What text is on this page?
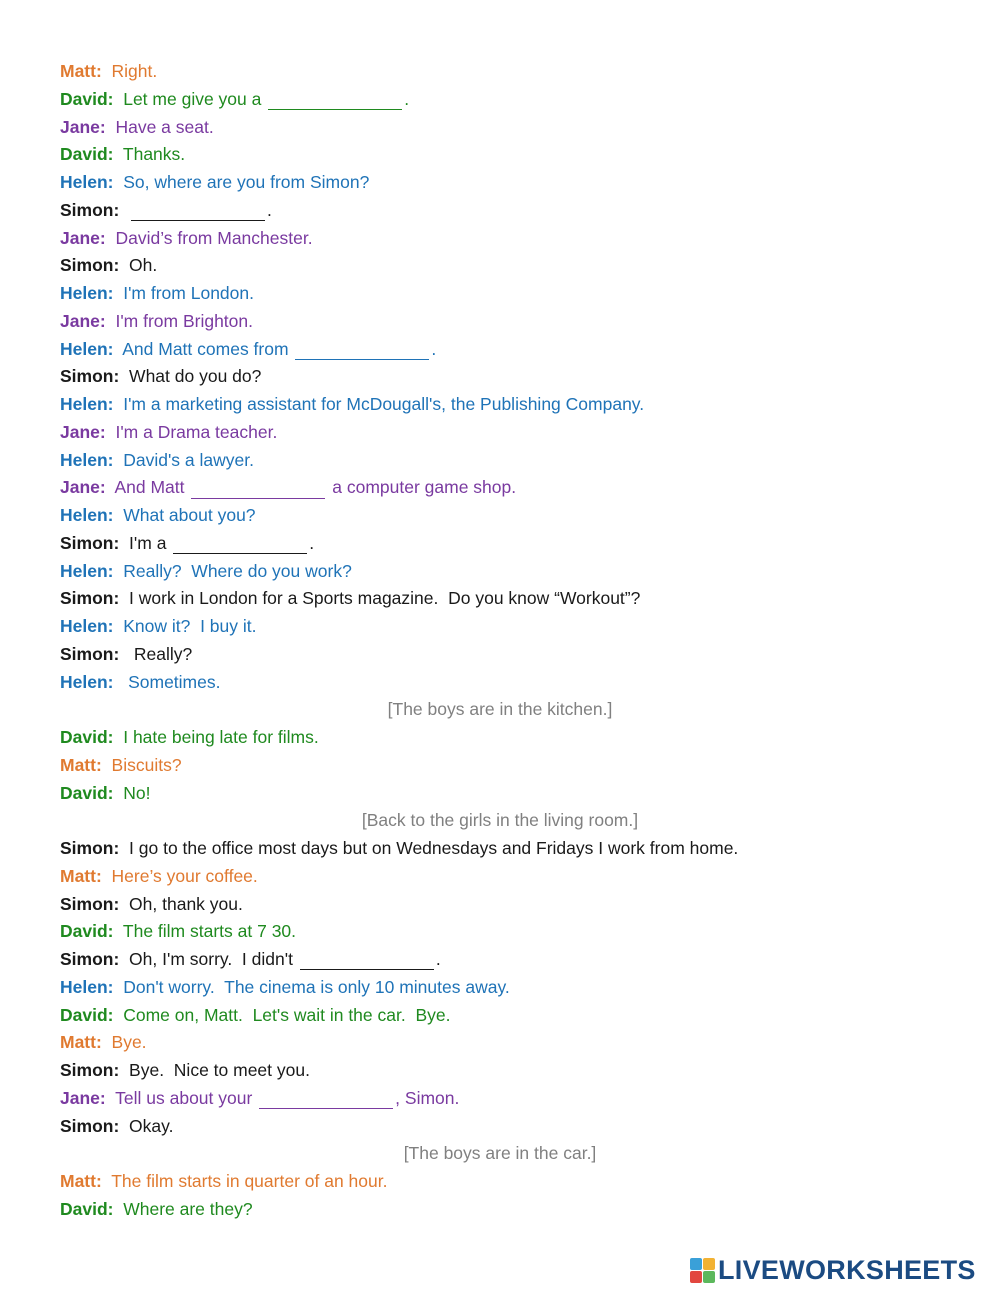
Matt: Right.
David: Let me give you a	.
Jane: Have a seat.
David: Thanks.
Helen: So, where are you from Simon?
Simon:	.
Jane: David’s from Manchester.
Simon: Oh.
Helen: I'm from London.
Jane: I'm from Brighton.
Helen: And Matt comes from	.
Simon: What do you do?
Helen: I'm a marketing assistant for McDougall's, the Publishing Company.
Jane: I'm a Drama teacher.
Helen: David's a lawyer.
Jane: And Matt	a computer game shop.
Helen: What about you?
Simon: I'm a	.
Helen: Really?  Where do you work?
Simon: I work in London for a Sports magazine.  Do you know “Workout”?
Helen: Know it?  I buy it.
Simon:   Really?
Helen:   Sometimes.
[The boys are in the kitchen.]
David: I hate being late for films.
Matt: Biscuits?
David: No!
[Back to the girls in the living room.]
Simon: I go to the office most days but on Wednesdays and Fridays I work from home.
Matt: Here’s your coffee.
Simon: Oh, thank you.
David: The film starts at 7 30.
Simon: Oh, I'm sorry.  I didn't	.
Helen: Don't worry.  The cinema is only 10 minutes away.
David: Come on, Matt.  Let's wait in the car.  Bye.
Matt: Bye.
Simon: Bye.  Nice to meet you.
Jane: Tell us about your	, Simon.
Simon: Okay.
[The boys are in the car.]
Matt: The film starts in quarter of an hour.
David: Where are they?
LIVEWORKSHEETS
